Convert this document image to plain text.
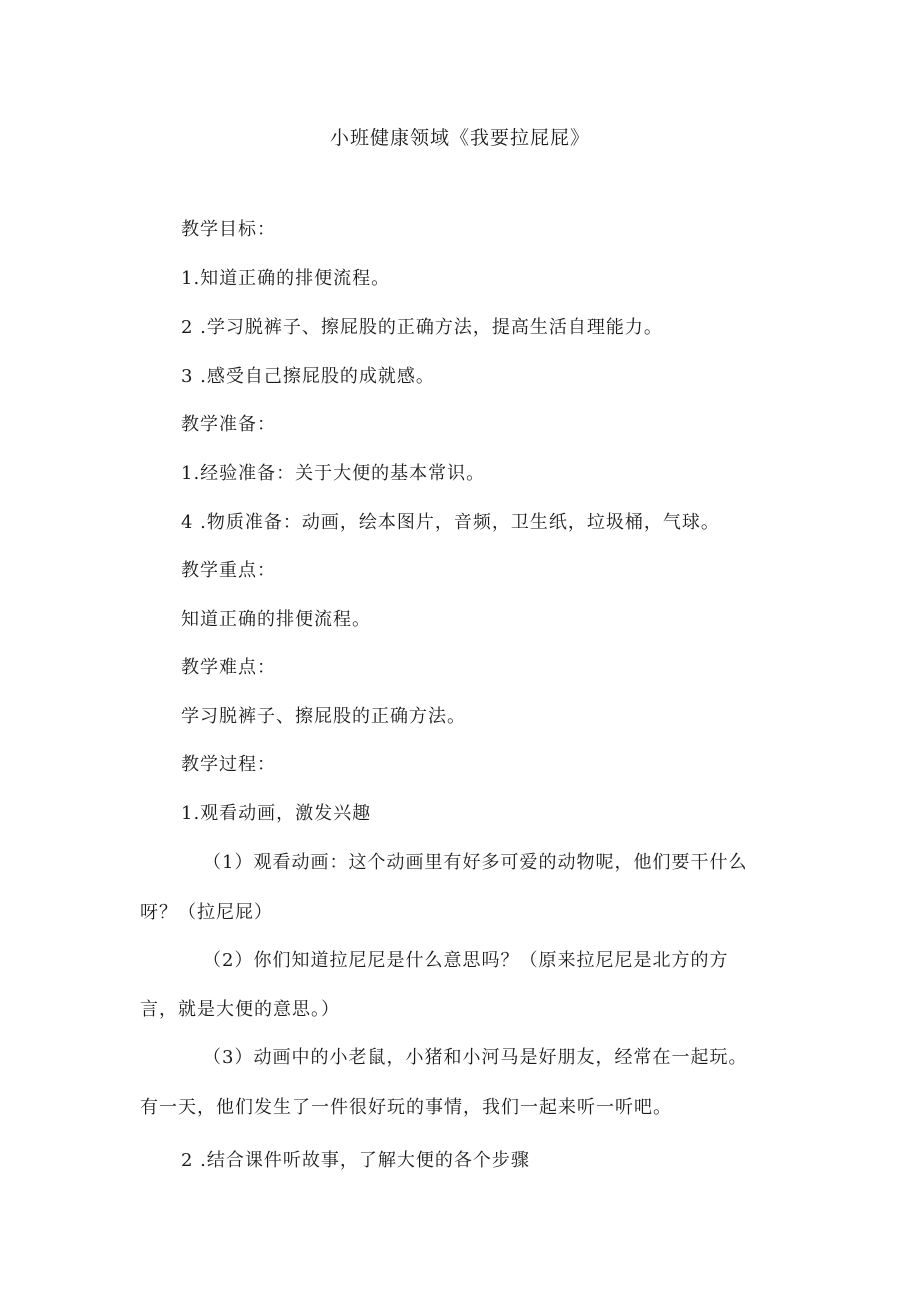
小班健康领域《我要拉屁屁》
教学目标：
1.知道正确的排便流程。
2 .学习脱裤子、擦屁股的正确方法，提高生活自理能力。
3 .感受自己擦屁股的成就感。
教学准备：
1.经验准备：关于大便的基本常识。
4 .物质准备：动画，绘本图片，音频，卫生纸，垃圾桶，气球。
教学重点：
知道正确的排便流程。
教学难点：
学习脱裤子、擦屁股的正确方法。
教学过程：
1.观看动画，激发兴趣
（1）观看动画：这个动画里有好多可爱的动物呢，他们要干什么
呀？（拉尼屁）
（2）你们知道拉尼尼是什么意思吗？（原来拉尼尼是北方的方
言，就是大便的意思。）
（3）动画中的小老鼠，小猪和小河马是好朋友，经常在一起玩。
有一天，他们发生了一件很好玩的事情，我们一起来听一听吧。
2 .结合课件听故事，了解大便的各个步骤
